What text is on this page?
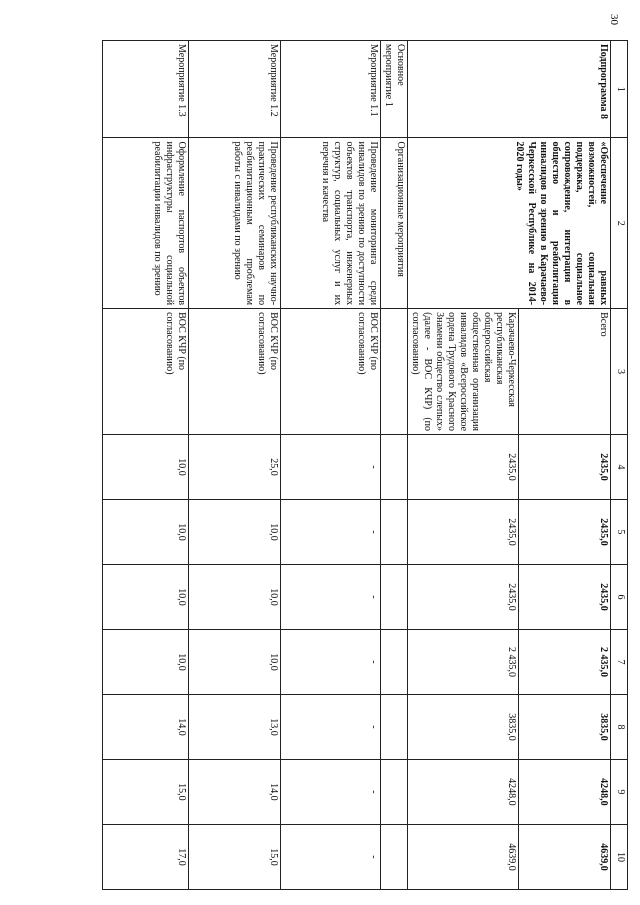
30
1	2	3	4	5	6	7	8	9	10
Подпрограмма 8	«Обеспечение равных возможностей, социальная поддержка, социальное сопровождение, интеграция в общество и реабилитация инвалидов по зрению в Карачаево-Черкесской Республике на 2014-2020 годы»	Всего	2435,0	2435,0	2435,0	2 435,0	3835,0	4248,0	4639,0
		Карачаево-Черкесская республиканская общероссийская общественная организация инвалидов «Всероссийское ордена Трудового Красного Знамени общество слепых» (далее - ВОС КЧР) (по согласованию)	2435,0	2435,0	2435,0	2 435,0	3835,0	4248,0	4639,0
Основное мероприятие 1	Организационные мероприятия								
Мероприятие 1.1	Проведение мониторинга среди инвалидов по зрению по доступности объектов транспорта, инженерных структур, социальных услуг и их перечня и качества	ВОС КЧР (по согласованию)	-	-	-	-	-	-	-
Мероприятие 1.2	Проведение республиканских научно-практических семинаров по реабилитационным проблемам работы с инвалидами по зрению	ВОС КЧР (по согласованию)	25,0	10,0	10,0	10,0	13,0	14,0	15,0
Мероприятие 1.3	Оформление паспортов объектов инфраструктуры социальной реабилитации инвалидов по зрению	ВОС КЧР (по согласованию)	10,0	10,0	10,0	10,0	14,0	15,0	17,0
